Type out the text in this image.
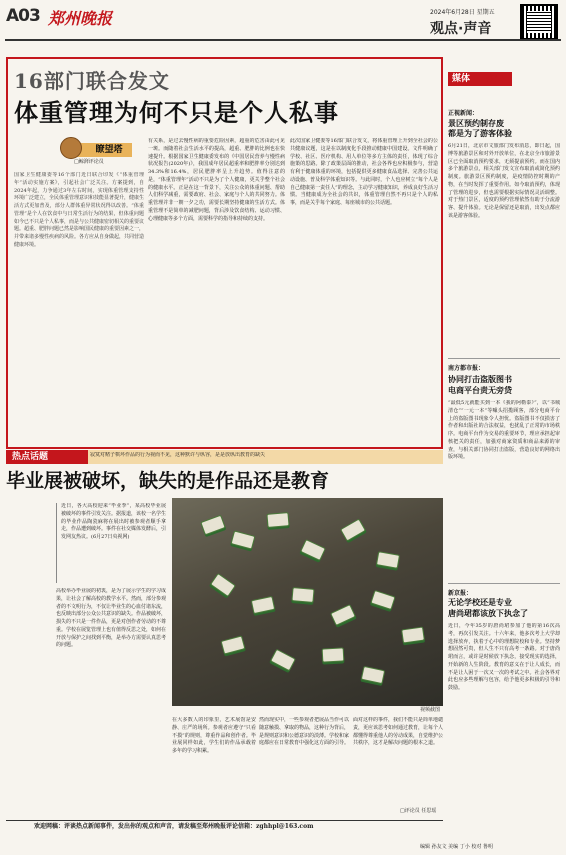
A03 郑州晚报	2024年6月28日 星期五
观点·声音
16部门联合发文
体重管理为何不只是个人私事
瞭望塔
□鲸湃评论员
国家卫生健康委等16个部门近日联合印发《“体重管理年”活动实施方案》，引起社会广泛关注。方案提到，自2024年起，力争通过3年左右时间，实现体重管理支持性环境广泛建立，全民体重管理意识和技能显著提升，健康生活方式更加普及，部分人群体重异常状况得以改善。“体重管理”是个人在饮食中与日常生活行为的结果，但体重问题如今已不只是个人私事，而是与公共健康密切相关的重要议题。超重、肥胖问题已然是影响国民健康的重要因素之一，并带来诸多慢性疾病的风险。各方应从自身做起，共同营造健康环境。
有关系，是过去慢性病的重要危险因素，超重的危害由此可见一斑。而随着社会生活水平的提高，超重、肥胖的比例也在快速提升。根据国家卫生健康委发布的《中国居民营养与慢性病状况报告(2020年)》，我国成年居民超重率和肥胖率分别达到34.3%和16.4%，居民肥胖率呈上升趋势。值得注意的是，“体重管理年”活动不只是为了个人健康，更关乎整个社会的健康水平。正是在这一背景下，关注公众的体重问题、帮助人们科学减重，需要政府、社会、家庭与个人的共同努力。体重管理并非一朝一夕之功，需要长期坚持健康的生活方式。体重管理不是简单的减肥问题，背后涉及饮食结构、运动习惯、心理健康等多个方面，需要科学的指导和持续的支持。
此次国家卫健委等16部门联合发文，将体重管理上升到全社会的公共健康议题，这是在以制度化手段推动健康中国建设。文件明确了学校、社区、医疗机构、用人单位等多方主体的责任，体现了综合施策的思路。除了政策层面的推动，社会各界也应积极参与，营造有利于健康体重的环境，包括提供更多健康食品选择、完善公共运动设施、普及科学体重知识等。与此同时，个人也应树立“每个人是自己健康第一责任人”的理念，主动学习健康知识，养成良好生活习惯。当健康成为全社会的共识，体重管理自然不再只是个人的私事，而是关乎每个家庭、每座城市的公共话题。
热点话题	寂寞对赌子棋坏作品的行为视而不见，这种默许与纵容，是是放纵出教育的缺失
毕业展被破坏，缺失的是作品还是教育
近日，各大高校迎来“毕业季”，某高校毕业展被破坏的事件引发关注。据报道，该校一名学生的毕业作品陶瓷麻将在展出时被参观者顺手拿走，作品遭到破坏。事件在社交媒体发酵后，引发网友热议。(6月27日央视网)
高校举办毕业展的初衷，是为了展示学生的学习成果，让社会了解高校的教学水平。然而，部分参观者的不文明行为，不仅让毕业生的心血付诸东流，也反映出部分公众公共意识的缺失。作品被破坏，损失的不只是一件作品，更是对创作者劳动的不尊重。学校在展览管理上也有值得反思之处，如何在开放与保护之间找到平衡，是举办方需要认真思考的问题。
视频截图
在大多数人的印象里，艺术展馆是安静、庄严的场所。参观者应遵守“只看不摸”的规则，尊重作品和创作者。毕业展同样如此，学生们的作品承载着多年的学习积累。
然而现实中，一些参观者把展品当作可以随意触摸、拿取的物品，这种行为背后，是规则意识和公德意识的淡薄。学校和家庭都应在日常教育中强化这方面的引导。
面对这样的事件，我们不能只是简单地谴责，更应该思考如何通过教育，让每个人都懂得尊重他人的劳动成果，自觉维护公共秩序，这才是解决问题的根本之道。
□评论员 任思瑶
欢迎网稿：评谈热点新闻事件，发出你的观点和声音，请发稿至郑州晚报评论信箱：zghhpl@163.com
编辑 孙友文 美编 丁小 校对 鲁明
媒体	聚焦
正视新闻：
景区预约制存废
都是为了游客体验
6月21日，北京市文旅部门发布消息，即日起，国博等旅游景区和对外开放单位，在北京全市旅游景区已全面取消预约要求，无须提前预约。而在国内多个旅游景点，相关部门发文宣布取消或简化预约制度。旅游景区预约制度，是疫情防控时期的产物，在当时发挥了重要作用。如今取消预约，体现了管理的进步，但也需要根据实际情况灵活调整。对于热门景区，适度的预约管理依然有助于分流游客、提升体验。无论是保留还是取消，出发点都应该是游客体验。
南方都市报：
协同打击盗版图书
电商平台责无旁贷
“最低5元就能买到一本《我的阿勒泰》”，以“书城清仓”“一元一本”等噱头招揽顾客，部分电商平台上的盗版图书现象令人担忧。盗版图书不仅损害了作者和出版社的合法权益，也扰乱了正常的市场秩序。电商平台作为交易的重要环节，理应承担起审核把关的责任，加强对商家资质和商品来源的审查，与相关部门协同打击盗版，营造良好的网络出版环境。
新京报：
无论学校还是专业
唐尚珺都该放下执念了
近日，今年35岁的唐尚珺参加了他的第16次高考，再次引发关注。十六年来，他多次考上大学却选择放弃，执着于心中的理想院校和专业。坚持梦想固然可贵，但人生不只有高考一条路。对于唐尚珺而言，或许是时候放下执念，接受现实的选择，开始新的人生阶段。教育的意义在于让人成长，而不是让人困于一次又一次的考试之中。社会各界对此也应多些理解与包容，给予他更多积极的引导和鼓励。
